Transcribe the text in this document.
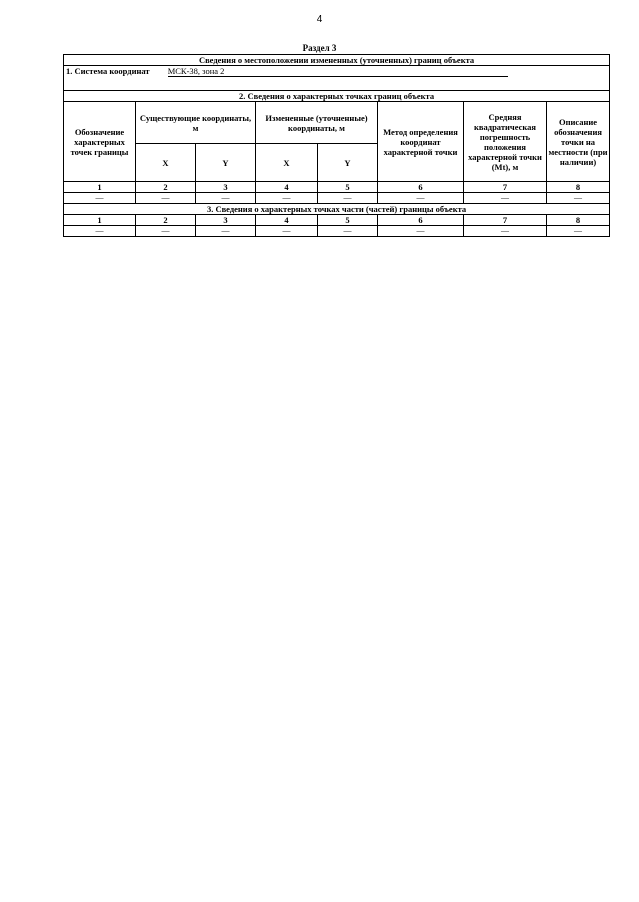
4
Раздел 3
Сведения о местоположении измененных (уточненных) границ объекта							
1. Система координат МСК-38, зона 2							
2. Сведения о характерных точках границ объекта							
Обозначение характерных точек границы	Существующие координаты, м		Измененные (уточненные) координаты, м		Метод определения координат характерной точки	Средняя квадратическая погрешность положения характерной точки (Mt), м	Описание обозначения точки на местности (при наличии)
	X	Y	X	Y			
1	2	3	4	5	6	7	8
—	—	—	—	—	—	—	—
3. Сведения о характерных точках части (частей) границы объекта							
1	2	3	4	5	6	7	8
—	—	—	—	—	—	—	—
